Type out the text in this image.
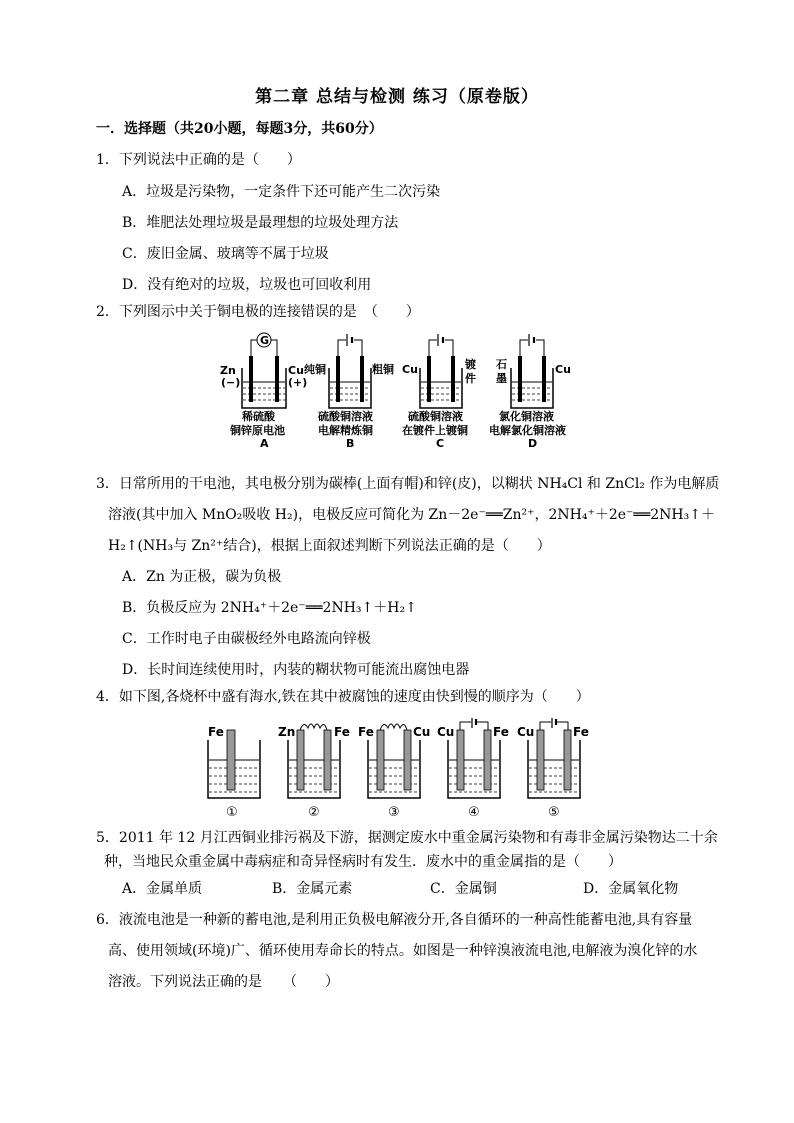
第二章 总结与检测 练习（原卷版）
一．选择题（共20小题，每题3分，共60分）
1．下列说法中正确的是（　　）
A．垃圾是污染物，一定条件下还可能产生二次污染
B．堆肥法处理垃圾是最理想的垃圾处理方法
C．废旧金属、玻璃等不属于垃圾
D．没有绝对的垃圾，垃圾也可回收利用
2．下列图示中关于铜电极的连接错误的是　（　　）
G
Zn
(−)
Cu
(+)
稀硫酸
铜锌原电池
A
纯铜	粗铜
硫酸铜溶液
电解精炼铜
B
Cu	镀
件
硫酸铜溶液
在镀件上镀铜
C
石
墨
Cu
氯化铜溶液
电解氯化铜溶液
D
3．日常所用的干电池，其电极分别为碳棒(上面有帽)和锌(皮)，以糊状 NH₄Cl 和 ZnCl₂ 作为电解质
溶液(其中加入 MnO₂吸收 H₂)，电极反应可简化为 Zn－2e⁻══Zn²⁺，2NH₄⁺＋2e⁻══2NH₃↑＋
H₂↑(NH₃与 Zn²⁺结合)，根据上面叙述判断下列说法正确的是（　　）
A．Zn 为正极，碳为负极
B．负极反应为 2NH₄⁺＋2e⁻══2NH₃↑＋H₂↑
C．工作时电子由碳极经外电路流向锌极
D．长时间连续使用时，内装的糊状物可能流出腐蚀电器
4．如下图,各烧杯中盛有海水,铁在其中被腐蚀的速度由快到慢的顺序为（　　）
Fe
①
Zn	Fe
②
Fe	Cu
③
Cu	Fe
④
Cu	Fe
⑤
5．2011 年 12 月江西铜业排污祸及下游，据测定废水中重金属污染物和有毒非金属污染物达二十余
种，当地民众重金属中毒病症和奇异怪病时有发生．废水中的重金属指的是（　　）
A．金属单质	B．金属元素	C．金属铜	D．金属氧化物
6．液流电池是一种新的蓄电池,是利用正负极电解液分开,各自循环的一种高性能蓄电池,具有容量
高、使用领域(环境)广、循环使用寿命长的特点。如图是一种锌溴液流电池,电解液为溴化锌的水
溶液。下列说法正确的是　　（　　）
